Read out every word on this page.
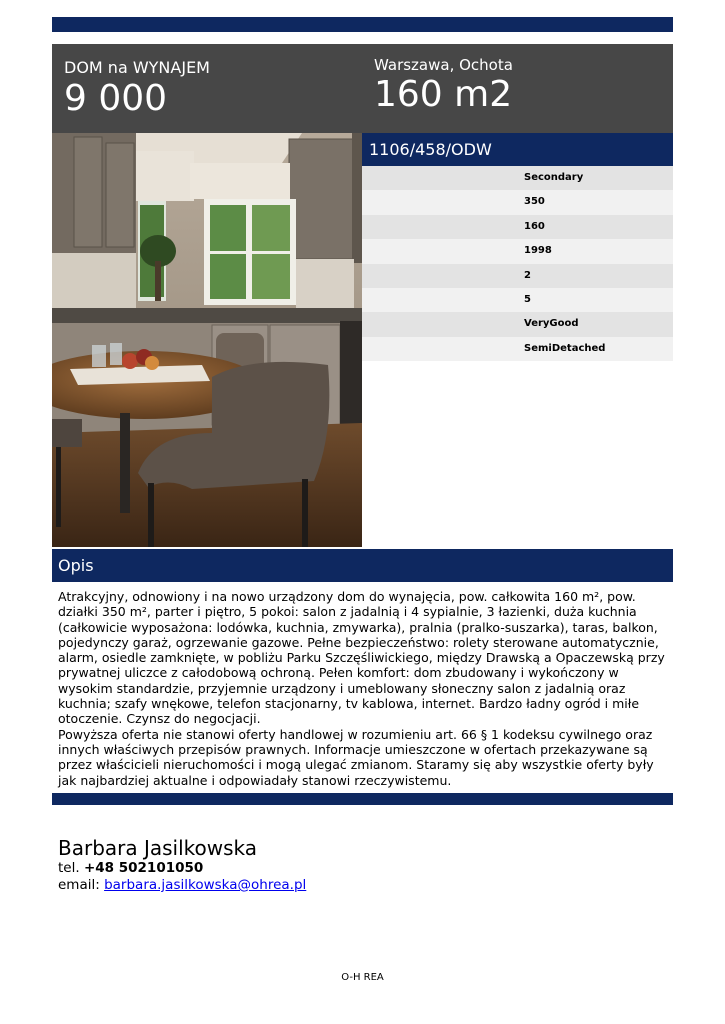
DOM na WYNAJEM
9 000
Warszawa, Ochota
160 m2
1106/458/ODW
Secondary
350
160
1998
2
5
VeryGood
SemiDetached
Opis

Atrakcyjny, odnowiony i na nowo urządzony dom do wynajęcia, pow. całkowita 160 m², pow. działki 350 m², parter i piętro, 5 pokoi: salon z jadalnią i 4 sypialnie, 3 łazienki, duża kuchnia (całkowicie wyposażona: lodówka, kuchnia, zmywarka), pralnia (pralko-suszarka), taras, balkon, pojedynczy garaż, ogrzewanie gazowe. Pełne bezpieczeństwo: rolety sterowane automatycznie, alarm, osiedle zamknięte, w pobliżu Parku Szczęśliwickiego, między Drawską a Opaczewską przy prywatnej uliczce z całodobową ochroną. Pełen komfort: dom zbudowany i wykończony w wysokim standardzie, przyjemnie urządzony i umeblowany słoneczny salon z jadalnią oraz kuchnia; szafy wnękowe, telefon stacjonarny, tv kablowa, internet. Bardzo ładny ogród i miłe otoczenie. Czynsz do negocjacji.

Powyższa oferta nie stanowi oferty handlowej w rozumieniu art. 66 § 1 kodeksu cywilnego oraz innych właściwych przepisów prawnych. Informacje umieszczone w ofertach przekazywane są przez właścicieli nieruchomości i mogą ulegać zmianom. Staramy się aby wszystkie oferty były jak najbardziej aktualne i odpowiadały stanowi rzeczywistemu.

Barbara Jasilkowska
tel. +48 502101050
email: barbara.jasilkowska@ohrea.pl
O-H REA
